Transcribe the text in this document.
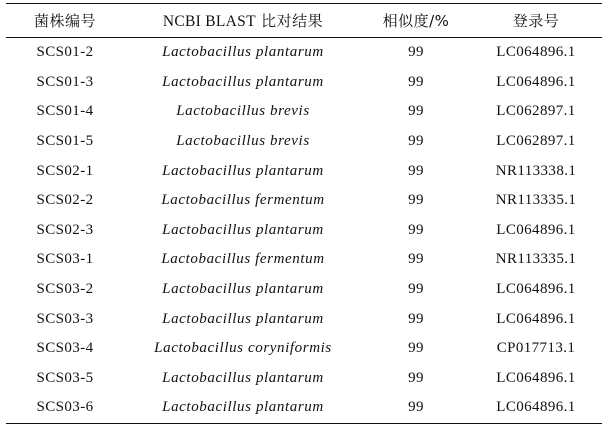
菌株编号	NCBI BLAST 比对结果	相似度/%	登录号
SCS01-2	Lactobacillus plantarum	99	LC064896.1
SCS01-3	Lactobacillus plantarum	99	LC064896.1
SCS01-4	Lactobacillus brevis	99	LC062897.1
SCS01-5	Lactobacillus brevis	99	LC062897.1
SCS02-1	Lactobacillus plantarum	99	NR113338.1
SCS02-2	Lactobacillus fermentum	99	NR113335.1
SCS02-3	Lactobacillus plantarum	99	LC064896.1
SCS03-1	Lactobacillus fermentum	99	NR113335.1
SCS03-2	Lactobacillus plantarum	99	LC064896.1
SCS03-3	Lactobacillus plantarum	99	LC064896.1
SCS03-4	Lactobacillus coryniformis	99	CP017713.1
SCS03-5	Lactobacillus plantarum	99	LC064896.1
SCS03-6	Lactobacillus plantarum	99	LC064896.1
